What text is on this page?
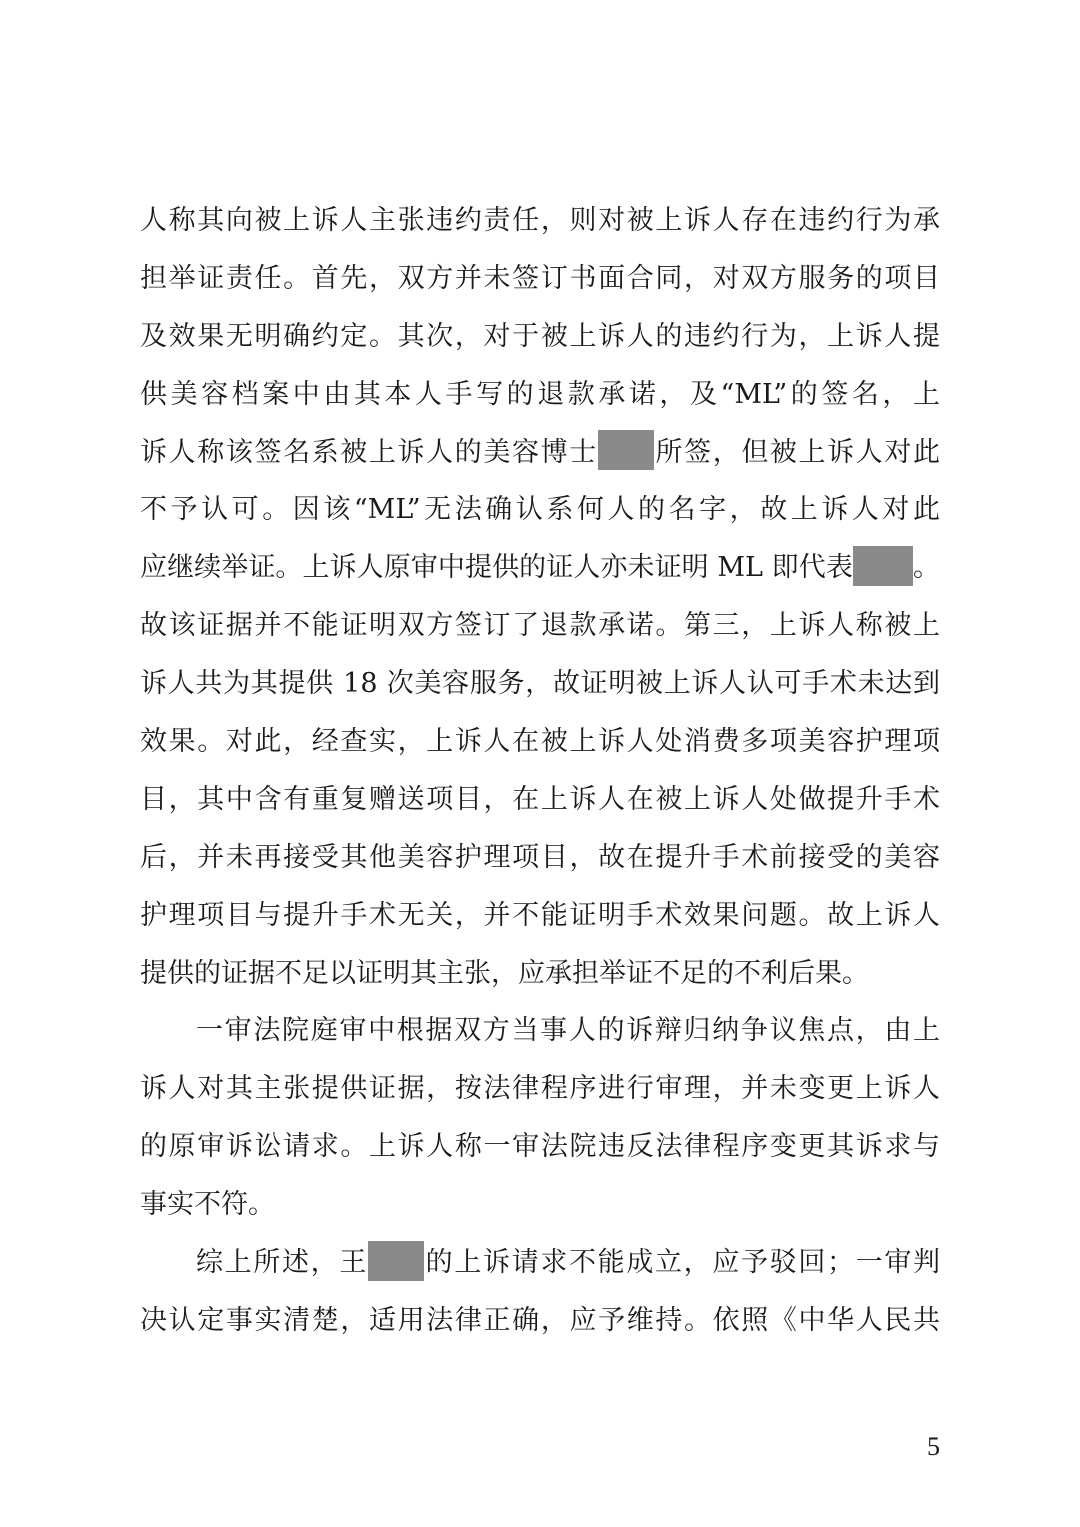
人称其向被上诉人主张违约责任，则对被上诉人存在违约行为承
担举证责任。首先，双方并未签订书面合同，对双方服务的项目
及效果无明确约定。其次，对于被上诉人的违约行为，上诉人提
供美容档案中由其本人手写的退款承诺，及“ML”的签名，上
诉人称该签名系被上诉人的美容博士 所签，但被上诉人对此
不予认可。因该“ML”无法确认系何人的名字，故上诉人对此
应继续举证。上诉人原审中提供的证人亦未证明 ML 即代表 。
故该证据并不能证明双方签订了退款承诺。第三，上诉人称被上
诉人共为其提供 18 次美容服务，故证明被上诉人认可手术未达到
效果。对此，经查实，上诉人在被上诉人处消费多项美容护理项
目，其中含有重复赠送项目，在上诉人在被上诉人处做提升手术
后，并未再接受其他美容护理项目，故在提升手术前接受的美容
护理项目与提升手术无关，并不能证明手术效果问题。故上诉人
提供的证据不足以证明其主张，应承担举证不足的不利后果。
一审法院庭审中根据双方当事人的诉辩归纳争议焦点，由上
诉人对其主张提供证据，按法律程序进行审理，并未变更上诉人
的原审诉讼请求。上诉人称一审法院违反法律程序变更其诉求与
事实不符。
综上所述，王 的上诉请求不能成立，应予驳回；一审判
决认定事实清楚，适用法律正确，应予维持。依照《中华人民共
5
